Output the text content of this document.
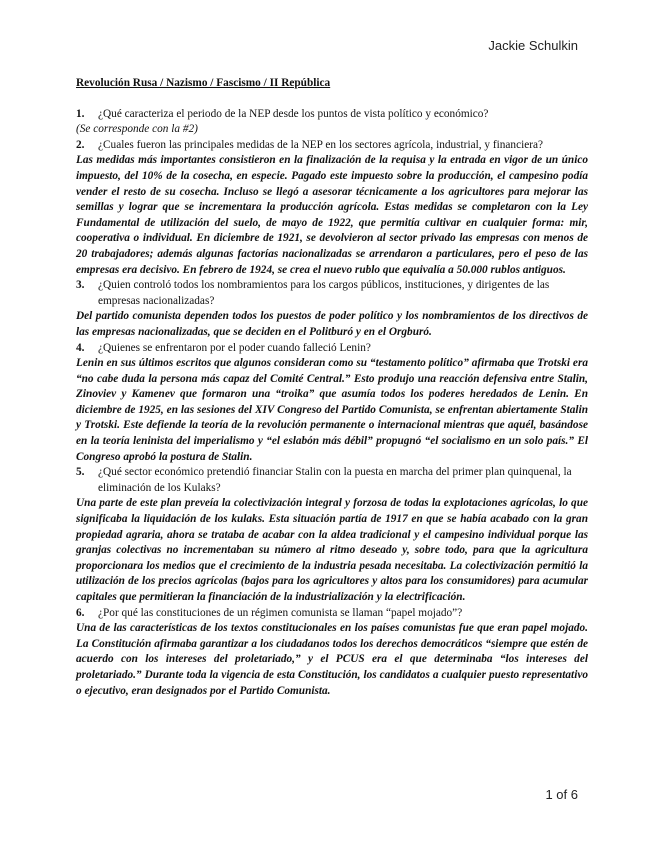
Jackie Schulkin
Revolución Rusa / Nazismo / Fascismo / II República
1.	¿Qué caracteriza el periodo de la NEP desde los puntos de vista político y económico?
(Se corresponde con la #2)
2.	¿Cuales fueron las principales medidas de la NEP en los sectores agrícola, industrial, y financiera?
Las medidas más importantes consistieron en la finalización de la requisa y la entrada en vigor de un único impuesto, del 10% de la cosecha, en especie. Pagado este impuesto sobre la producción, el campesino podía vender el resto de su cosecha. Incluso se llegó a asesorar técnicamente a los agricultores para mejorar las semillas y lograr que se incrementara la producción agrícola. Estas medidas se completaron con la Ley Fundamental de utilización del suelo, de mayo de 1922, que permitía cultivar en cualquier forma: mir, cooperativa o individual. En diciembre de 1921, se devolvieron al sector privado las empresas con menos de 20 trabajadores; además algunas factorías nacionalizadas se arrendaron a particulares, pero el peso de las empresas era decisivo. En febrero de 1924, se crea el nuevo rublo que equivalía a 50.000 rublos antiguos.
3.	¿Quien controló todos los nombramientos para los cargos públicos, instituciones, y dirigentes de las empresas nacionalizadas?
Del partido comunista dependen todos los puestos de poder político y los nombramientos de los directivos de las empresas nacionalizadas, que se deciden en el Politburó y en el Orgburó.
4.	¿Quienes se enfrentaron por el poder cuando falleció Lenin?
Lenin en sus últimos escritos que algunos consideran como su “testamento político” afirmaba que Trotski era “no cabe duda la persona más capaz del Comité Central.” Esto produjo una reacción defensiva entre Stalin, Zinoviev y Kamenev que formaron una “troika” que asumía todos los poderes heredados de Lenin. En diciembre de 1925, en las sesiones del XIV Congreso del Partido Comunista, se enfrentan abiertamente Stalin y Trotski. Este defiende la teoría de la revolución permanente o internacional mientras que aquél, basándose en la teoría leninista del imperialismo y “el eslabón más débil” propugnó “el socialismo en un solo país.” El Congreso aprobó la postura de Stalin.
5.	¿Qué sector económico pretendió financiar Stalin con la puesta en marcha del primer plan quinquenal, la eliminación de los Kulaks?
Una parte de este plan preveía la colectivización integral y forzosa de todas la explotaciones agrícolas, lo que significaba la liquidación de los kulaks. Esta situación partía de 1917 en que se había acabado con la gran propiedad agraria, ahora se trataba de acabar con la aldea tradicional y el campesino individual porque las granjas colectivas no incrementaban su número al ritmo deseado y, sobre todo, para que la agricultura proporcionara los medios que el crecimiento de la industria pesada necesitaba. La colectivización permitió la utilización de los precios agrícolas (bajos para los agricultores y altos para los consumidores) para acumular capitales que permitieran la financiación de la industrialización y la electrificación.
6.	¿Por qué las constituciones de un régimen comunista se llaman “papel mojado”?
Una de las características de los textos constitucionales en los países comunistas fue que eran papel mojado. La Constitución afirmaba garantizar a los ciudadanos todos los derechos democráticos “siempre que estén de acuerdo con los intereses del proletariado,” y el PCUS era el que determinaba “los intereses del proletariado.” Durante toda la vigencia de esta Constitución, los candidatos a cualquier puesto representativo o ejecutivo, eran designados por el Partido Comunista.
1 of 6
